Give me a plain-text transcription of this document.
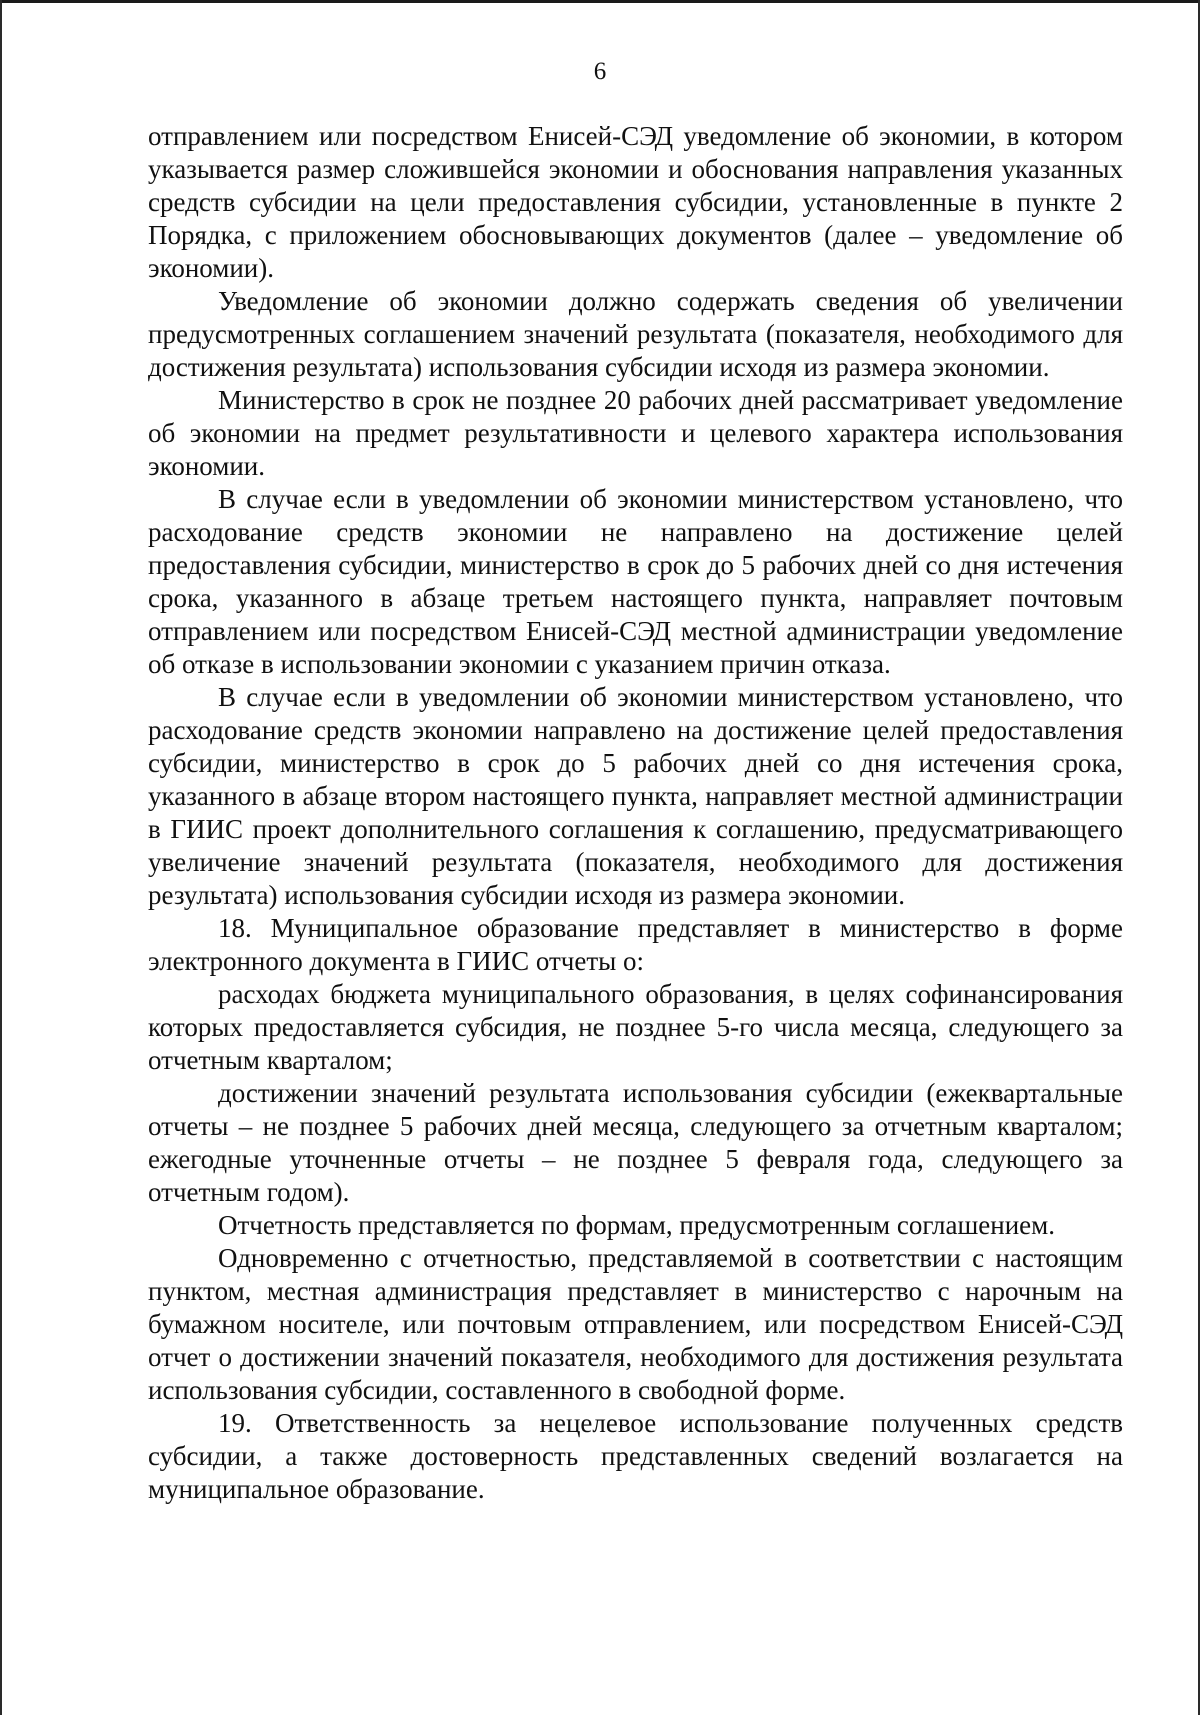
6

отправлением или посредством Енисей-СЭД уведомление об экономии, в котором указывается размер сложившейся экономии и обоснования направления указанных средств субсидии на цели предоставления субсидии, установленные в пункте 2 Порядка, с приложением обосновывающих документов (далее – уведомление об экономии).

Уведомление об экономии должно содержать сведения об увеличении предусмотренных соглашением значений результата (показателя, необходимого для достижения результата) использования субсидии исходя из размера экономии.

Министерство в срок не позднее 20 рабочих дней рассматривает уведомление об экономии на предмет результативности и целевого характера использования экономии.

В случае если в уведомлении об экономии министерством установлено, что расходование средств экономии не направлено на достижение целей предоставления субсидии, министерство в срок до 5 рабочих дней со дня истечения срока, указанного в абзаце третьем настоящего пункта, направляет почтовым отправлением или посредством Енисей-СЭД местной администрации уведомление об отказе в использовании экономии с указанием причин отказа.

В случае если в уведомлении об экономии министерством установлено, что расходование средств экономии направлено на достижение целей предоставления субсидии, министерство в срок до 5 рабочих дней со дня истечения срока, указанного в абзаце втором настоящего пункта, направляет местной администрации в ГИИС проект дополнительного соглашения к соглашению, предусматривающего увеличение значений результата (показателя, необходимого для достижения результата) использования субсидии исходя из размера экономии.

18. Муниципальное образование представляет в министерство в форме электронного документа в ГИИС отчеты о:

расходах бюджета муниципального образования, в целях софинансирования которых предоставляется субсидия, не позднее 5-го числа месяца, следующего за отчетным кварталом;

достижении значений результата использования субсидии (ежеквартальные отчеты – не позднее 5 рабочих дней месяца, следующего за отчетным кварталом; ежегодные уточненные отчеты – не позднее 5 февраля года, следующего за отчетным годом).

Отчетность представляется по формам, предусмотренным соглашением.

Одновременно с отчетностью, представляемой в соответствии с настоящим пунктом, местная администрация представляет в министерство с нарочным на бумажном носителе, или почтовым отправлением, или посредством Енисей-СЭД отчет о достижении значений показателя, необходимого для достижения результата использования субсидии, составленного в свободной форме.

19. Ответственность за нецелевое использование полученных средств субсидии, а также достоверность представленных сведений возлагается на муниципальное образование.
